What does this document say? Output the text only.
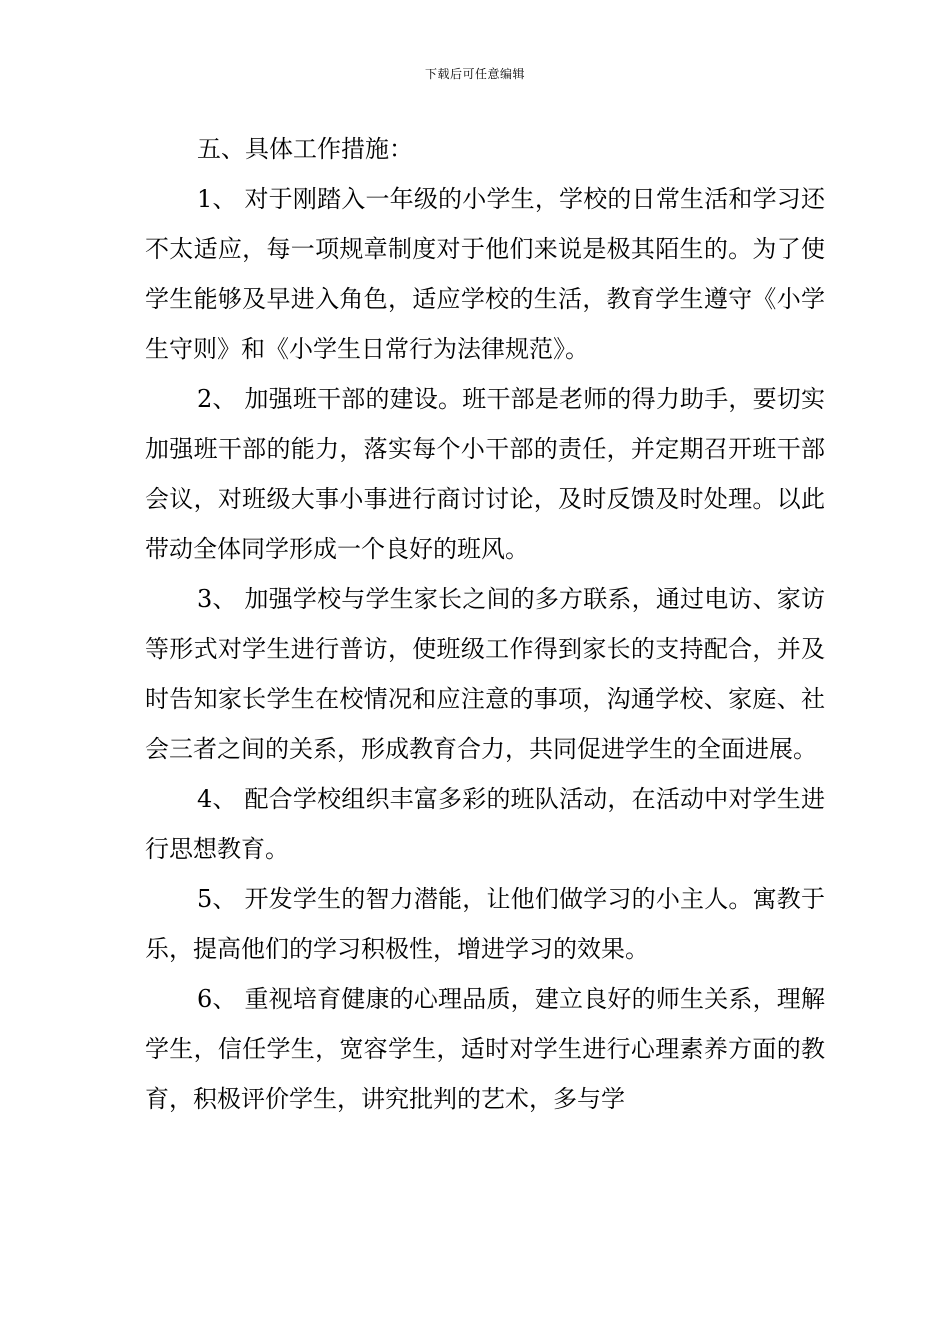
下载后可任意编辑

五、具体工作措施：

1、 对于刚踏入一年级的小学生，学校的日常生活和学习还不太适应，每一项规章制度对于他们来说是极其陌生的。为了使学生能够及早进入角色，适应学校的生活，教育学生遵守《小学生守则》和《小学生日常行为法律规范》。

2、 加强班干部的建设。班干部是老师的得力助手，要切实加强班干部的能力，落实每个小干部的责任，并定期召开班干部会议，对班级大事小事进行商讨讨论，及时反馈及时处理。以此带动全体同学形成一个良好的班风。

3、 加强学校与学生家长之间的多方联系，通过电访、家访等形式对学生进行普访，使班级工作得到家长的支持配合，并及时告知家长学生在校情况和应注意的事项，沟通学校、家庭、社会三者之间的关系，形成教育合力，共同促进学生的全面进展。

4、 配合学校组织丰富多彩的班队活动，在活动中对学生进行思想教育。

5、 开发学生的智力潜能，让他们做学习的小主人。寓教于乐，提高他们的学习积极性，增进学习的效果。

6、 重视培育健康的心理品质，建立良好的师生关系，理解学生，信任学生，宽容学生，适时对学生进行心理素养方面的教育，积极评价学生，讲究批判的艺术，多与学
